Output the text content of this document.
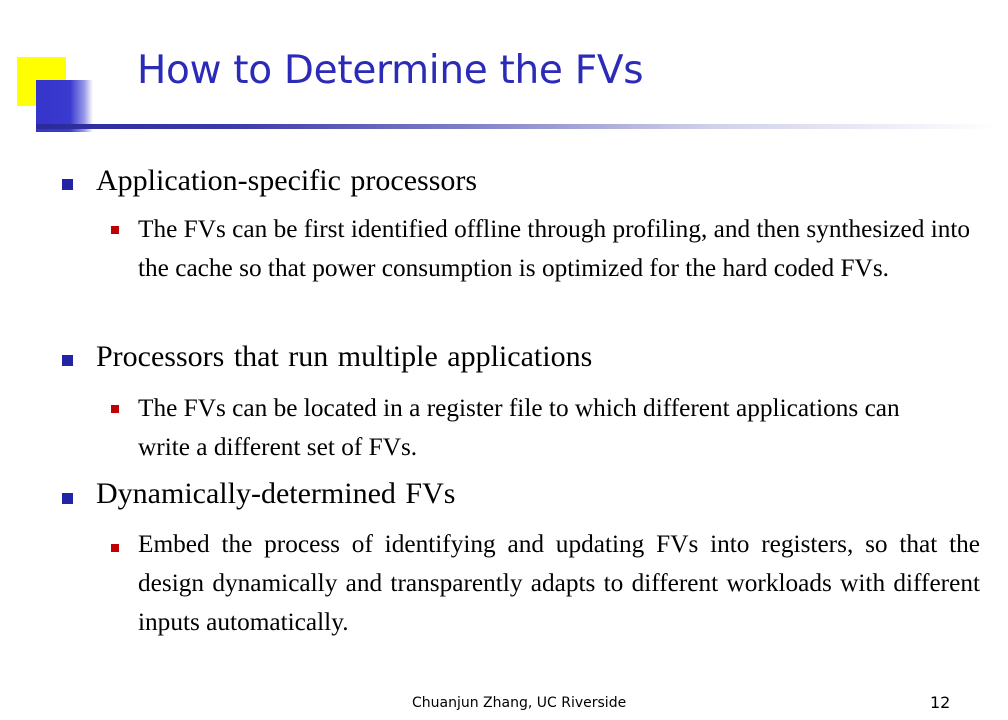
How to Determine the FVs
Application-specific processors
The FVs can be first identified offline through profiling, and then synthesized into the cache so that power consumption is optimized for the hard coded FVs.
Processors that run multiple applications
The FVs can be located in a register file to which different applications can write a different set of FVs.
Dynamically-determined FVs
Embed the process of identifying and updating FVs into registers, so that the design dynamically and transparently adapts to different workloads with different inputs automatically.
Chuanjun Zhang, UC Riverside	12
